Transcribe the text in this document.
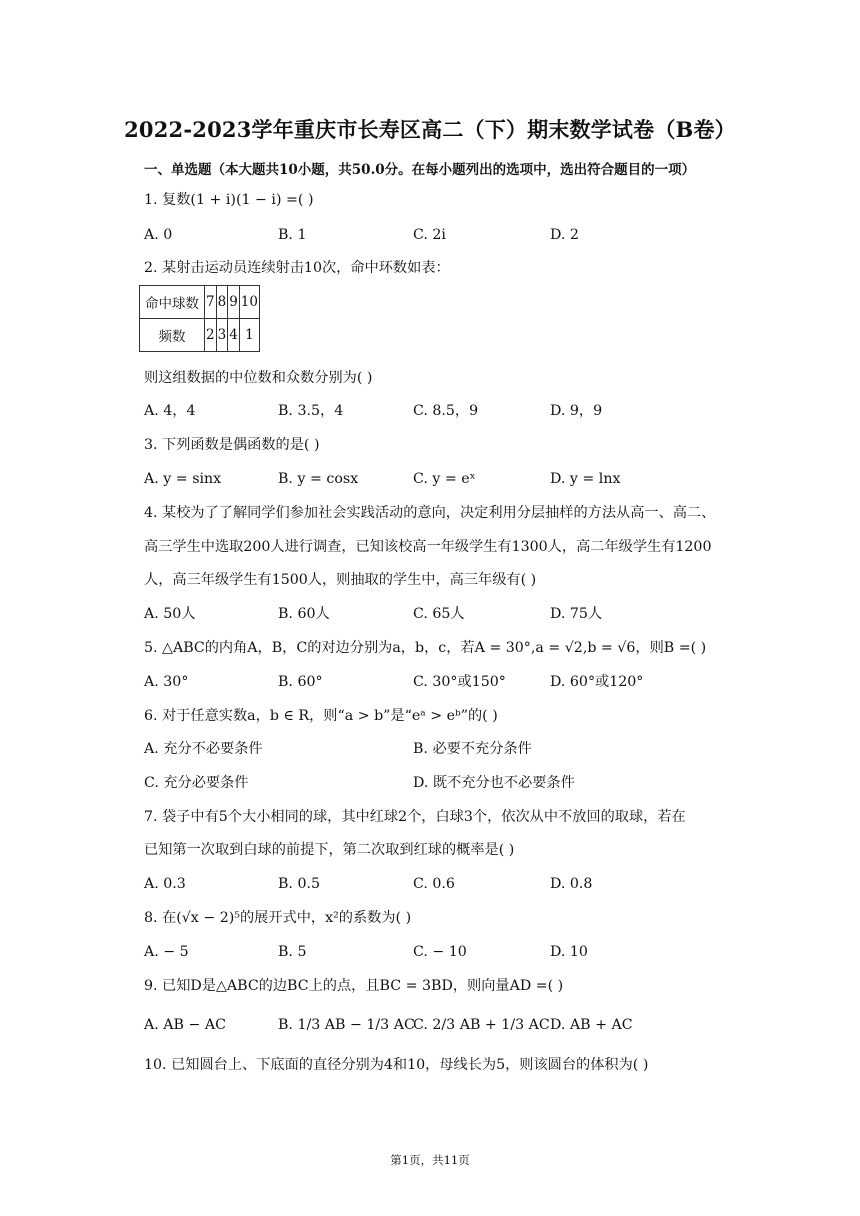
2022-2023学年重庆市长寿区高二（下）期末数学试卷（B卷）
一、单选题（本大题共10小题，共50.0分。在每小题列出的选项中，选出符合题目的一项）
1. 复数(1 + i)(1 − i) =( )
A. 0	B. 1	C. 2i	D. 2
2. 某射击运动员连续射击10次，命中环数如表：
命中球数	7	8	9	10
频数	2	3	4	1
则这组数据的中位数和众数分别为( )
A. 4，4	B. 3.5，4	C. 8.5，9	D. 9，9
3. 下列函数是偶函数的是( )
A. y = sinx	B. y = cosx	C. y = eˣ	D. y = lnx
4. 某校为了了解同学们参加社会实践活动的意向，决定利用分层抽样的方法从高一、高二、
高三学生中选取200人进行调查，已知该校高一年级学生有1300人，高二年级学生有1200
人，高三年级学生有1500人，则抽取的学生中，高三年级有( )
A. 50人	B. 60人	C. 65人	D. 75人
5. △ABC的内角A，B，C的对边分别为a，b，c，若A = 30°,a = √2,b = √6，则B =( )
A. 30°	B. 60°	C. 30°或150°	D. 60°或120°
6. 对于任意实数a，b ∈ R，则“a > b”是“eᵃ > eᵇ”的( )
A. 充分不必要条件	B. 必要不充分条件
C. 充分必要条件	D. 既不充分也不必要条件
7. 袋子中有5个大小相同的球，其中红球2个，白球3个，依次从中不放回的取球，若在
已知第一次取到白球的前提下，第二次取到红球的概率是( )
A. 0.3	B. 0.5	C. 0.6	D. 0.8
8. 在(√x − 2)⁵的展开式中，x²的系数为( )
A. − 5	B. 5	C. − 10	D. 10
9. 已知D是△ABC的边BC上的点，且BC = 3BD，则向量AD =( )
A. AB − AC	B. 1/3 AB − 1/3 AC
C. 2/3 AB + 1/3 AC D. AB + AC
10. 已知圆台上、下底面的直径分别为4和10，母线长为5，则该圆台的体积为( )
第1页，共11页
